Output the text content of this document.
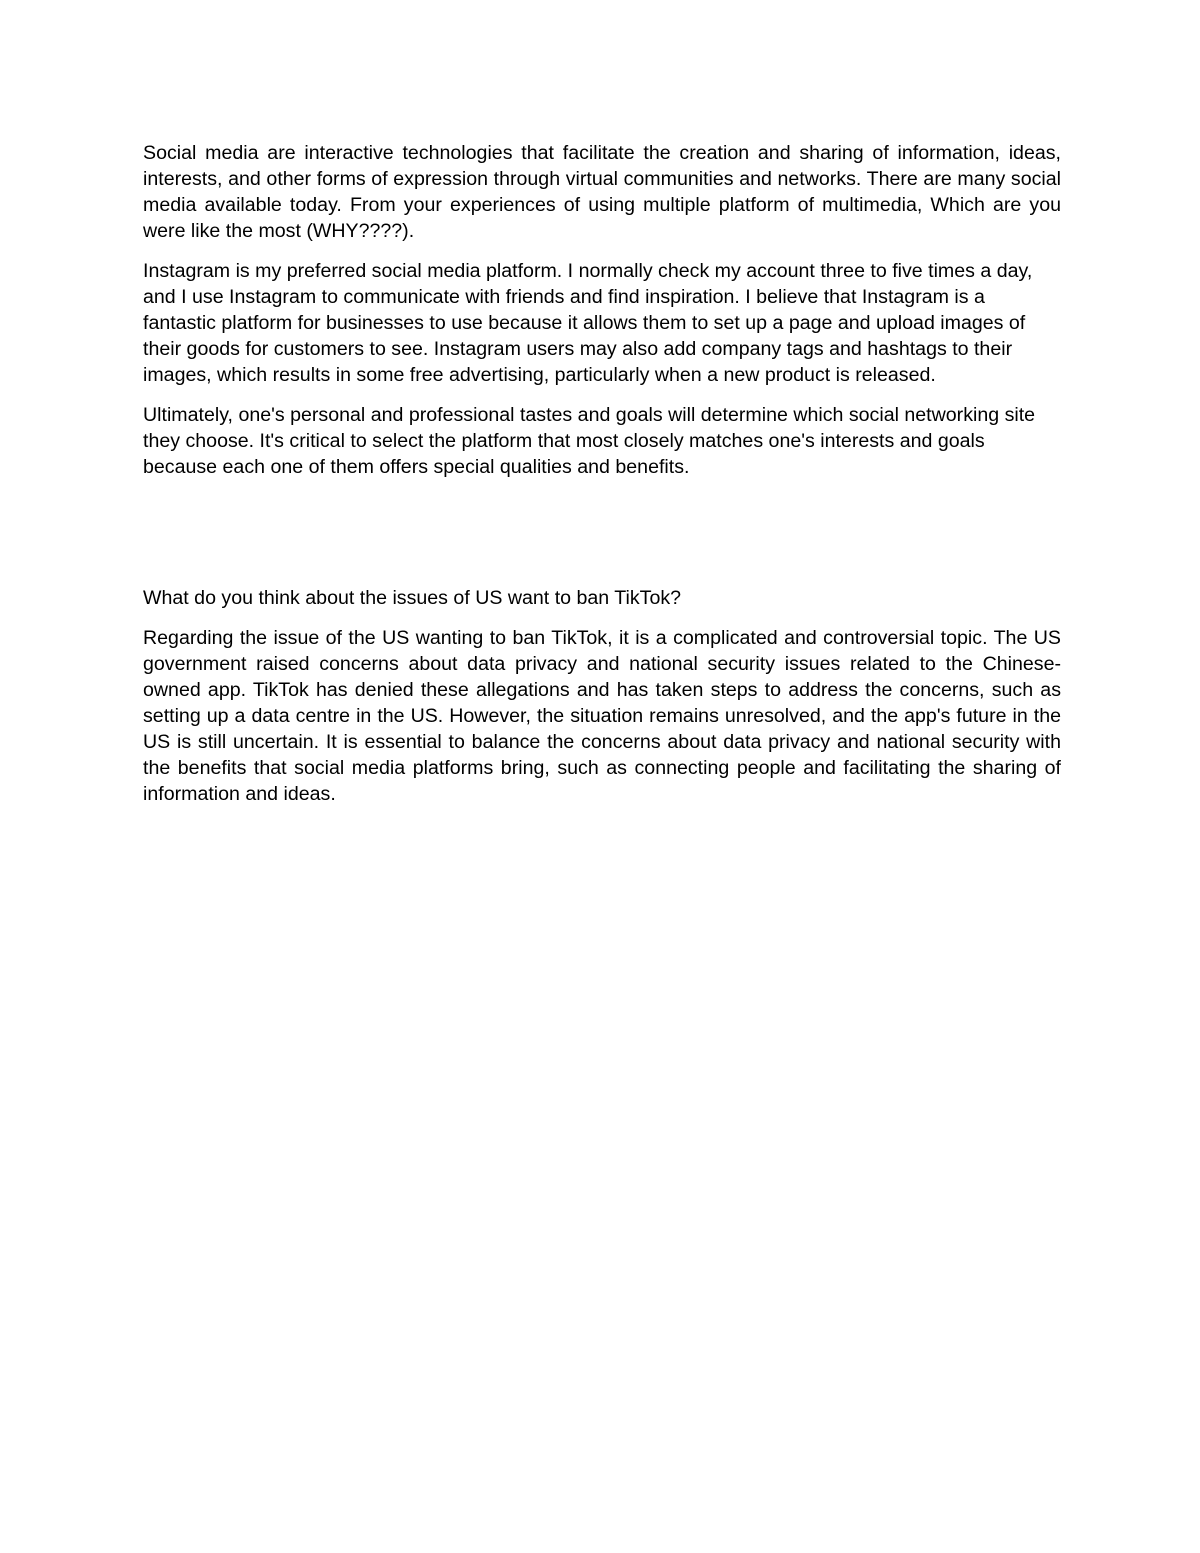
Social media are interactive technologies that facilitate the creation and sharing of information, ideas, interests, and other forms of expression through virtual communities and networks. There are many social media available today. From your experiences of using multiple platform of multimedia, Which are you were like the most (WHY????).

Instagram is my preferred social media platform. I normally check my account three to five times a day, and I use Instagram to communicate with friends and find inspiration. I believe that Instagram is a fantastic platform for businesses to use because it allows them to set up a page and upload images of their goods for customers to see. Instagram users may also add company tags and hashtags to their images, which results in some free advertising, particularly when a new product is released.

Ultimately, one's personal and professional tastes and goals will determine which social networking site they choose. It's critical to select the platform that most closely matches one's interests and goals because each one of them offers special qualities and benefits.

What do you think about the issues of US want to ban TikTok?

Regarding the issue of the US wanting to ban TikTok, it is a complicated and controversial topic. The US government raised concerns about data privacy and national security issues related to the Chinese-owned app. TikTok has denied these allegations and has taken steps to address the concerns, such as setting up a data centre in the US. However, the situation remains unresolved, and the app's future in the US is still uncertain. It is essential to balance the concerns about data privacy and national security with the benefits that social media platforms bring, such as connecting people and facilitating the sharing of information and ideas.
